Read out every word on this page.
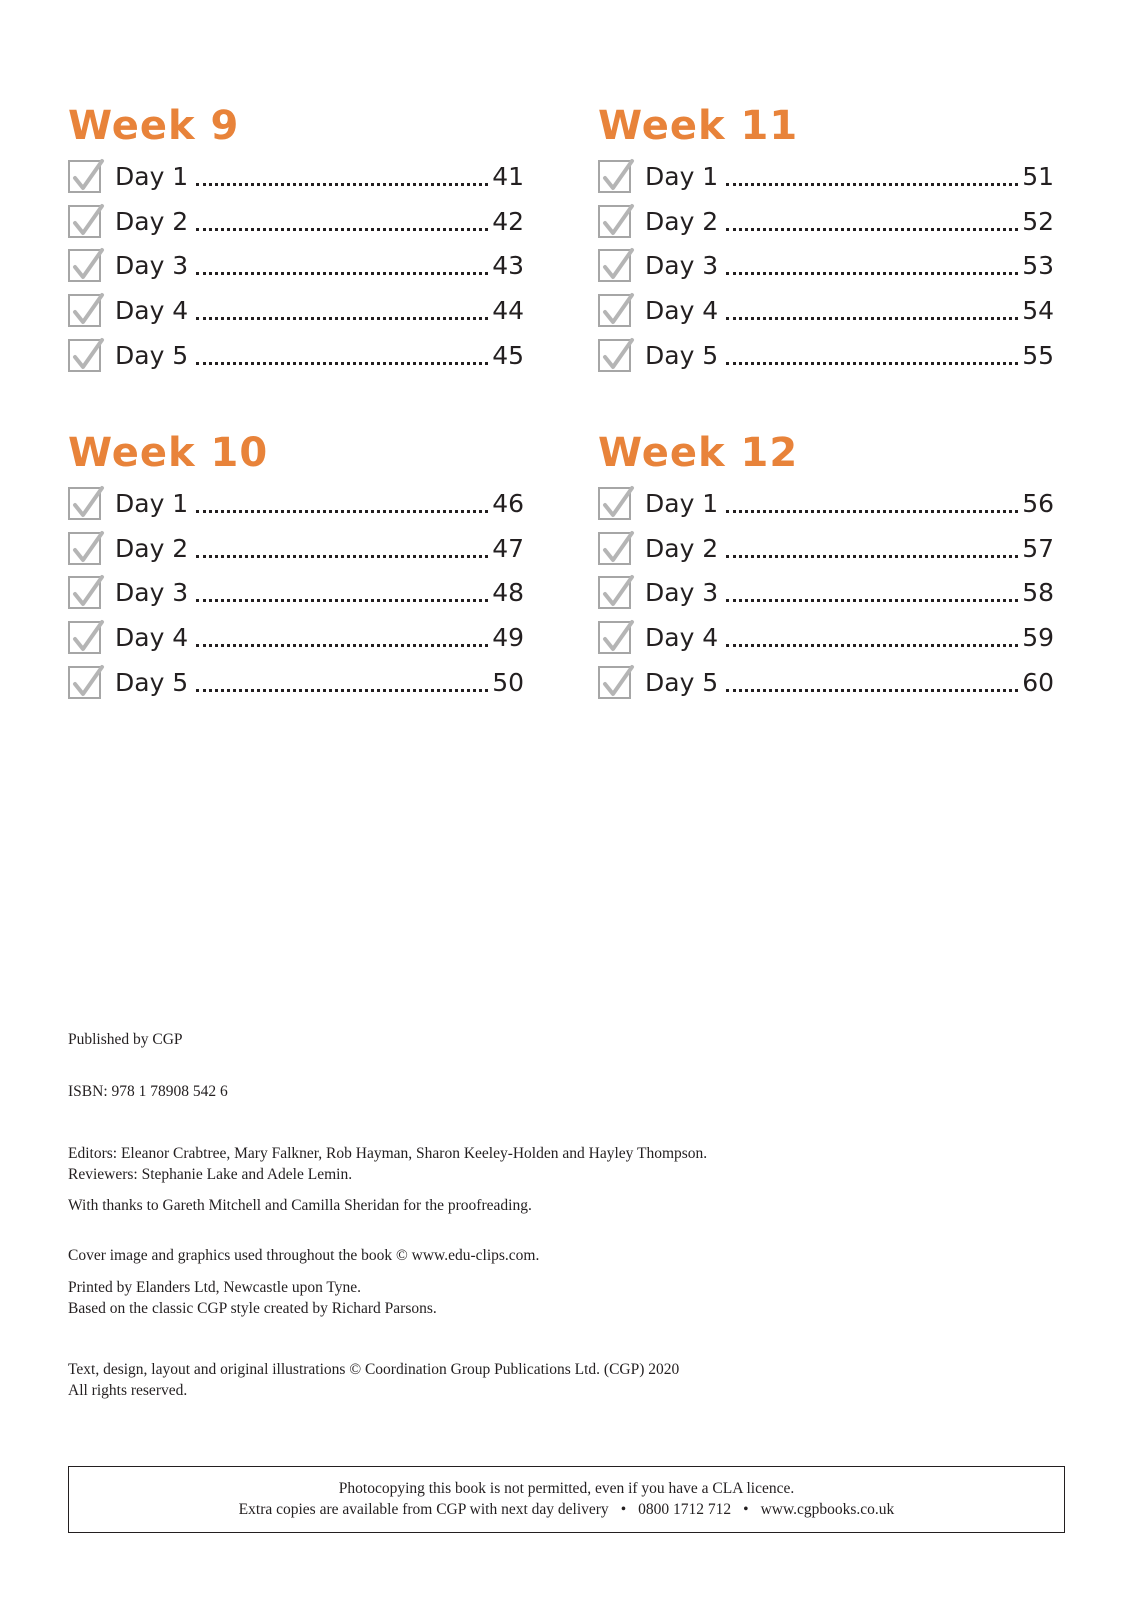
Week 9
Day 1	41
Day 2	42
Day 3	43
Day 4	44
Day 5	45
Week 11
Day 1	51
Day 2	52
Day 3	53
Day 4	54
Day 5	55
Week 10
Day 1	46
Day 2	47
Day 3	48
Day 4	49
Day 5	50
Week 12
Day 1	56
Day 2	57
Day 3	58
Day 4	59
Day 5	60

Published by CGP

ISBN: 978 1 78908 542 6

Editors: Eleanor Crabtree, Mary Falkner, Rob Hayman, Sharon Keeley-Holden and Hayley Thompson.

Reviewers: Stephanie Lake and Adele Lemin.

With thanks to Gareth Mitchell and Camilla Sheridan for the proofreading.

Cover image and graphics used throughout the book © www.edu-clips.com.

Printed by Elanders Ltd, Newcastle upon Tyne.

Based on the classic CGP style created by Richard Parsons.

Text, design, layout and original illustrations © Coordination Group Publications Ltd. (CGP) 2020

All rights reserved.

Photocopying this book is not permitted, even if you have a CLA licence.
Extra copies are available from CGP with next day delivery • 0800 1712 712 • www.cgpbooks.co.uk
